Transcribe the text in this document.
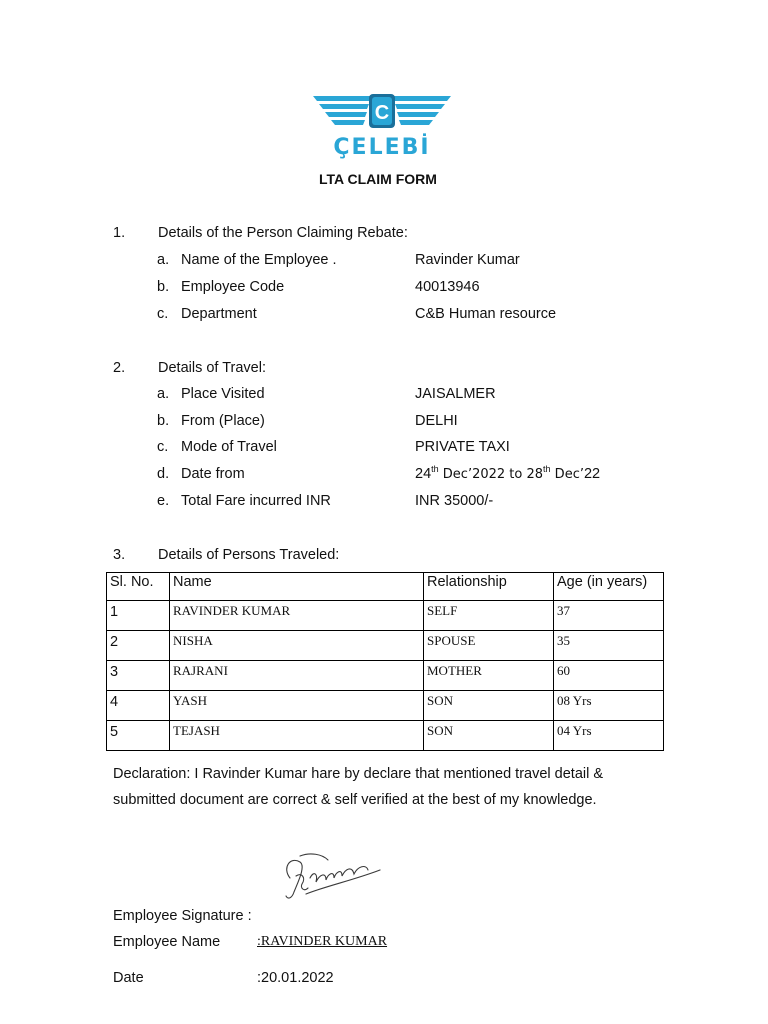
C
ÇELEBİ
LTA CLAIM FORM
1. Details of the Person Claiming Rebate:
a. Name of the Employee .	Ravinder Kumar
b. Employee Code	40013946
c. Department	C&B Human resource
2. Details of Travel:
a. Place Visited	JAISALMER
b. From (Place)	DELHI
c. Mode of Travel	PRIVATE TAXI
d. Date from	24th Dec’2022 to 28th Dec’22
e. Total Fare incurred INR	INR 35000/-
3. Details of Persons Traveled:
Sl. No.	Name	Relationship	Age (in years)
1	RAVINDER KUMAR	SELF	37
2	NISHA	SPOUSE	35
3	RAJRANI	MOTHER	60
4	YASH	SON	08 Yrs
5	TEJASH	SON	04 Yrs
Declaration: I Ravinder Kumar hare by declare that mentioned travel detail &
submitted document are correct & self verified at the best of my knowledge.
Employee Signature :
Employee Name	:RAVINDER KUMAR
Date	:20.01.2022
